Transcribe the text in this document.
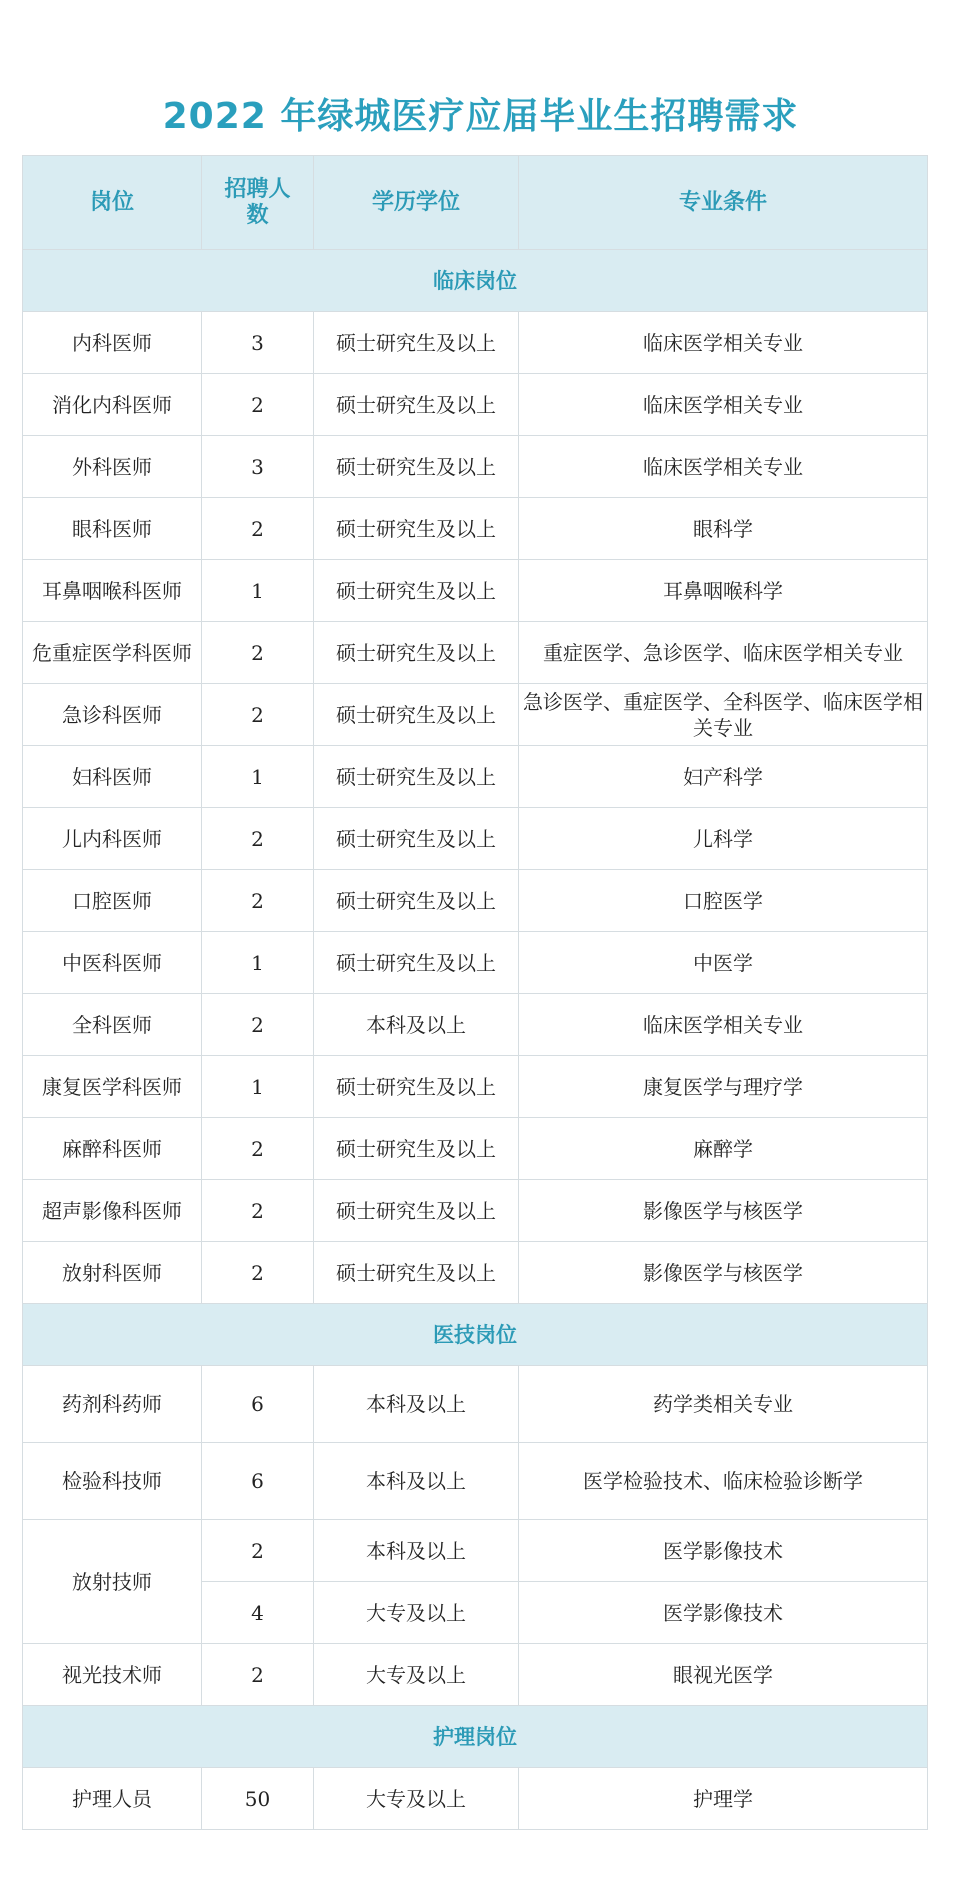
2022 年绿城医疗应届毕业生招聘需求
岗位	招聘人数	学历学位	专业条件
临床岗位			
内科医师	3	硕士研究生及以上	临床医学相关专业
消化内科医师	2	硕士研究生及以上	临床医学相关专业
外科医师	3	硕士研究生及以上	临床医学相关专业
眼科医师	2	硕士研究生及以上	眼科学
耳鼻咽喉科医师	1	硕士研究生及以上	耳鼻咽喉科学
危重症医学科医师	2	硕士研究生及以上	重症医学、急诊医学、临床医学相关专业
急诊科医师	2	硕士研究生及以上	急诊医学、重症医学、全科医学、临床医学相关专业
妇科医师	1	硕士研究生及以上	妇产科学
儿内科医师	2	硕士研究生及以上	儿科学
口腔医师	2	硕士研究生及以上	口腔医学
中医科医师	1	硕士研究生及以上	中医学
全科医师	2	本科及以上	临床医学相关专业
康复医学科医师	1	硕士研究生及以上	康复医学与理疗学
麻醉科医师	2	硕士研究生及以上	麻醉学
超声影像科医师	2	硕士研究生及以上	影像医学与核医学
放射科医师	2	硕士研究生及以上	影像医学与核医学
医技岗位			
药剂科药师	6	本科及以上	药学类相关专业
检验科技师	6	本科及以上	医学检验技术、临床检验诊断学
放射技师	2	本科及以上	医学影像技术
	4	大专及以上	医学影像技术
视光技术师	2	大专及以上	眼视光医学
护理岗位			
护理人员	50	大专及以上	护理学
